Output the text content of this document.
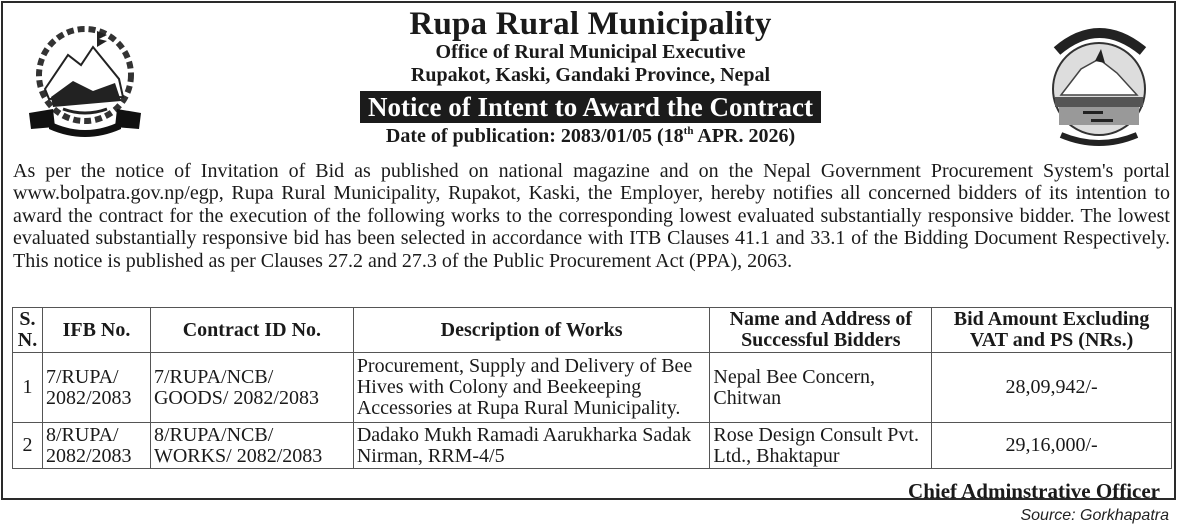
Rupa Rural Municipality
Office of Rural Municipal Executive
Rupakot, Kaski, Gandaki Province, Nepal
Notice of Intent to Award the Contract
Date of publication: 2083/01/05 (18th APR. 2026)
As per the notice of Invitation of Bid as published on national magazine and on the Nepal Government Procurement System's portal www.bolpatra.gov.np/egp, Rupa Rural Municipality, Rupakot, Kaski, the Employer, hereby notifies all concerned bidders of its intention to award the contract for the execution of the following works to the corresponding lowest evaluated substantially responsive bidder. The lowest evaluated substantially responsive bid has been selected in accordance with ITB Clauses 41.1 and 33.1 of the Bidding Document Respectively. This notice is published as per Clauses 27.2 and 27.3 of the Public Procurement Act (PPA), 2063.
S. N.	IFB No.	Contract ID No.	Description of Works	Name and Address of Successful Bidders	Bid Amount Excluding VAT and PS (NRs.)
1	7/RUPA/ 2082/2083	7/RUPA/NCB/ GOODS/ 2082/2083	Procurement, Supply and Delivery of Bee Hives with Colony and Beekeeping Accessories at Rupa Rural Municipality.	Nepal Bee Concern, Chitwan	28,09,942/-
2	8/RUPA/ 2082/2083	8/RUPA/NCB/ WORKS/ 2082/2083	Dadako Mukh Ramadi Aarukharka Sadak Nirman, RRM-4/5	Rose Design Consult Pvt. Ltd., Bhaktapur	29,16,000/-
Chief Adminstrative Officer
Source: Gorkhapatra
